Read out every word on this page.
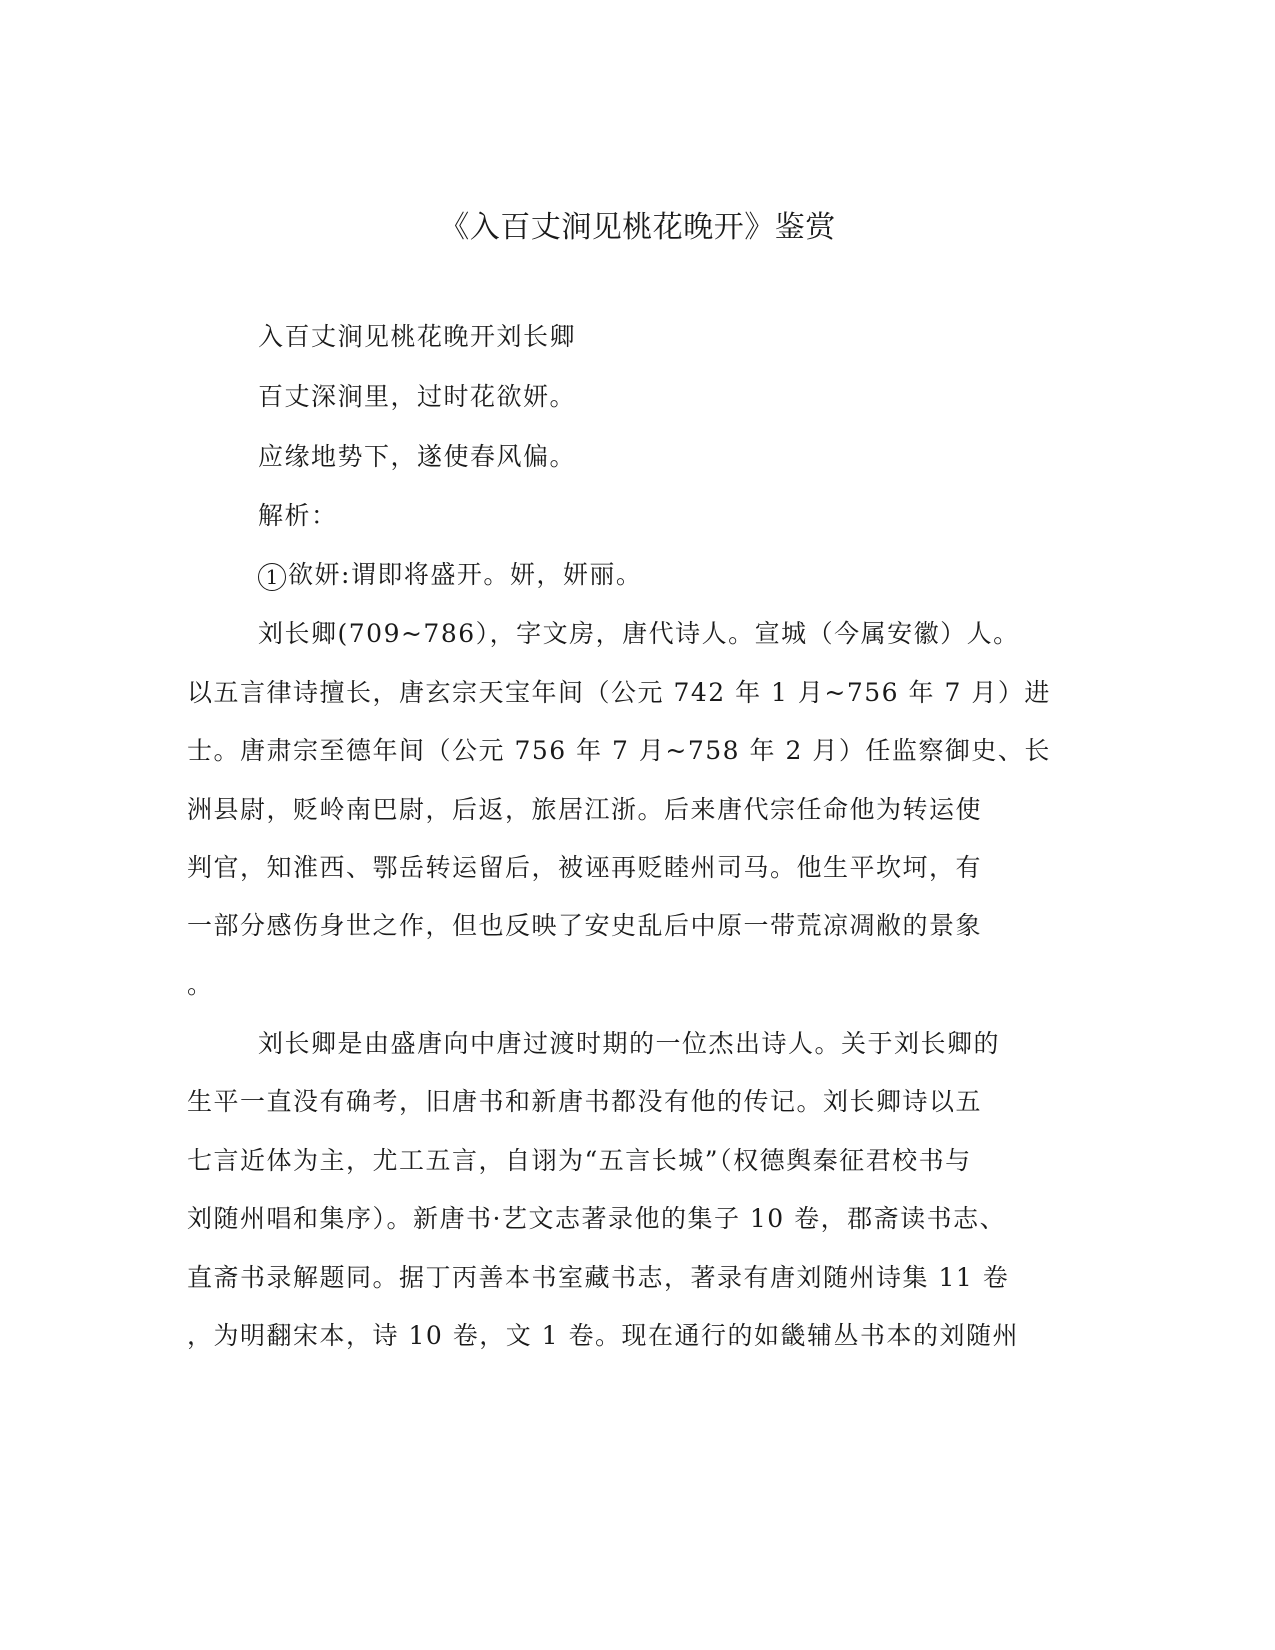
《入百丈涧见桃花晚开》鉴赏
入百丈涧见桃花晚开刘长卿
百丈深涧里，过时花欲妍。
应缘地势下，遂使春风偏。
解析：
1 欲妍:谓即将盛开。妍，妍丽。
刘长卿(709~786），字文房，唐代诗人。宣城（今属安徽）人。
以五言律诗擅长，唐玄宗天宝年间（公元 742 年 1 月~756 年 7 月）进
士。唐肃宗至德年间（公元 756 年 7 月~758 年 2 月）任监察御史、长
洲县尉，贬岭南巴尉，后返，旅居江浙。后来唐代宗任命他为转运使
判官，知淮西、鄂岳转运留后，被诬再贬睦州司马。他生平坎坷，有
一部分感伤身世之作，但也反映了安史乱后中原一带荒凉凋敝的景象
。
刘长卿是由盛唐向中唐过渡时期的一位杰出诗人。关于刘长卿的
生平一直没有确考，旧唐书和新唐书都没有他的传记。刘长卿诗以五
七言近体为主，尤工五言，自诩为“五言长城”（权德舆秦征君校书与
刘随州唱和集序）。新唐书·艺文志著录他的集子 10 卷，郡斋读书志、
直斋书录解题同。据丁丙善本书室藏书志，著录有唐刘随州诗集 11 卷
，为明翻宋本，诗 10 卷，文 1 卷。现在通行的如畿辅丛书本的刘随州
